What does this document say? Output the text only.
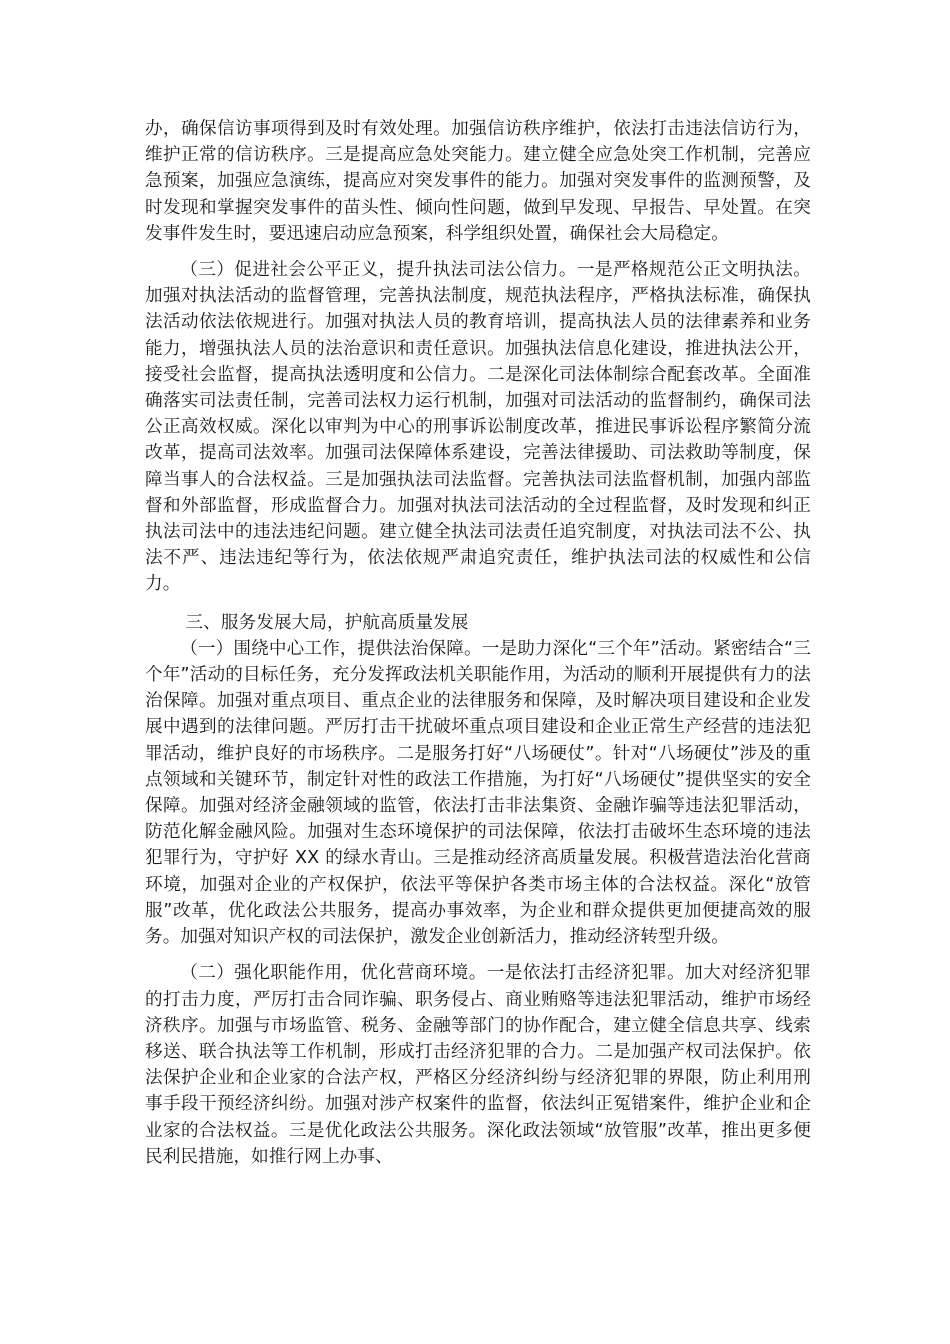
办，确保信访事项得到及时有效处理。加强信访秩序维护，依法打击违法信访行为，维护正常的信访秩序。三是提高应急处突能力。建立健全应急处突工作机制，完善应急预案，加强应急演练，提高应对突发事件的能力。加强对突发事件的监测预警，及时发现和掌握突发事件的苗头性、倾向性问题，做到早发现、早报告、早处置。在突发事件发生时，要迅速启动应急预案，科学组织处置，确保社会大局稳定。

（三）促进社会公平正义，提升执法司法公信力。一是严格规范公正文明执法。加强对执法活动的监督管理，完善执法制度，规范执法程序，严格执法标准，确保执法活动依法依规进行。加强对执法人员的教育培训，提高执法人员的法律素养和业务能力，增强执法人员的法治意识和责任意识。加强执法信息化建设，推进执法公开，接受社会监督，提高执法透明度和公信力。二是深化司法体制综合配套改革。全面准确落实司法责任制，完善司法权力运行机制，加强对司法活动的监督制约，确保司法公正高效权威。深化以审判为中心的刑事诉讼制度改革，推进民事诉讼程序繁简分流改革，提高司法效率。加强司法保障体系建设，完善法律援助、司法救助等制度，保障当事人的合法权益。三是加强执法司法监督。完善执法司法监督机制，加强内部监督和外部监督，形成监督合力。加强对执法司法活动的全过程监督，及时发现和纠正执法司法中的违法违纪问题。建立健全执法司法责任追究制度，对执法司法不公、执法不严、违法违纪等行为，依法依规严肃追究责任，维护执法司法的权威性和公信力。

三、服务发展大局，护航高质量发展

（一）围绕中心工作，提供法治保障。一是助力深化“三个年”活动。紧密结合“三个年”活动的目标任务，充分发挥政法机关职能作用，为活动的顺利开展提供有力的法治保障。加强对重点项目、重点企业的法律服务和保障，及时解决项目建设和企业发展中遇到的法律问题。严厉打击干扰破坏重点项目建设和企业正常生产经营的违法犯罪活动，维护良好的市场秩序。二是服务打好“八场硬仗”。针对“八场硬仗”涉及的重点领域和关键环节，制定针对性的政法工作措施，为打好“八场硬仗”提供坚实的安全保障。加强对经济金融领域的监管，依法打击非法集资、金融诈骗等违法犯罪活动，防范化解金融风险。加强对生态环境保护的司法保障，依法打击破坏生态环境的违法犯罪行为，守护好 XX 的绿水青山。三是推动经济高质量发展。积极营造法治化营商环境，加强对企业的产权保护，依法平等保护各类市场主体的合法权益。深化“放管服”改革，优化政法公共服务，提高办事效率，为企业和群众提供更加便捷高效的服务。加强对知识产权的司法保护，激发企业创新活力，推动经济转型升级。

（二）强化职能作用，优化营商环境。一是依法打击经济犯罪。加大对经济犯罪的打击力度，严厉打击合同诈骗、职务侵占、商业贿赂等违法犯罪活动，维护市场经济秩序。加强与市场监管、税务、金融等部门的协作配合，建立健全信息共享、线索移送、联合执法等工作机制，形成打击经济犯罪的合力。二是加强产权司法保护。依法保护企业和企业家的合法产权，严格区分经济纠纷与经济犯罪的界限，防止利用刑事手段干预经济纠纷。加强对涉产权案件的监督，依法纠正冤错案件，维护企业和企业家的合法权益。三是优化政法公共服务。深化政法领域“放管服”改革，推出更多便民利民措施，如推行网上办事、
